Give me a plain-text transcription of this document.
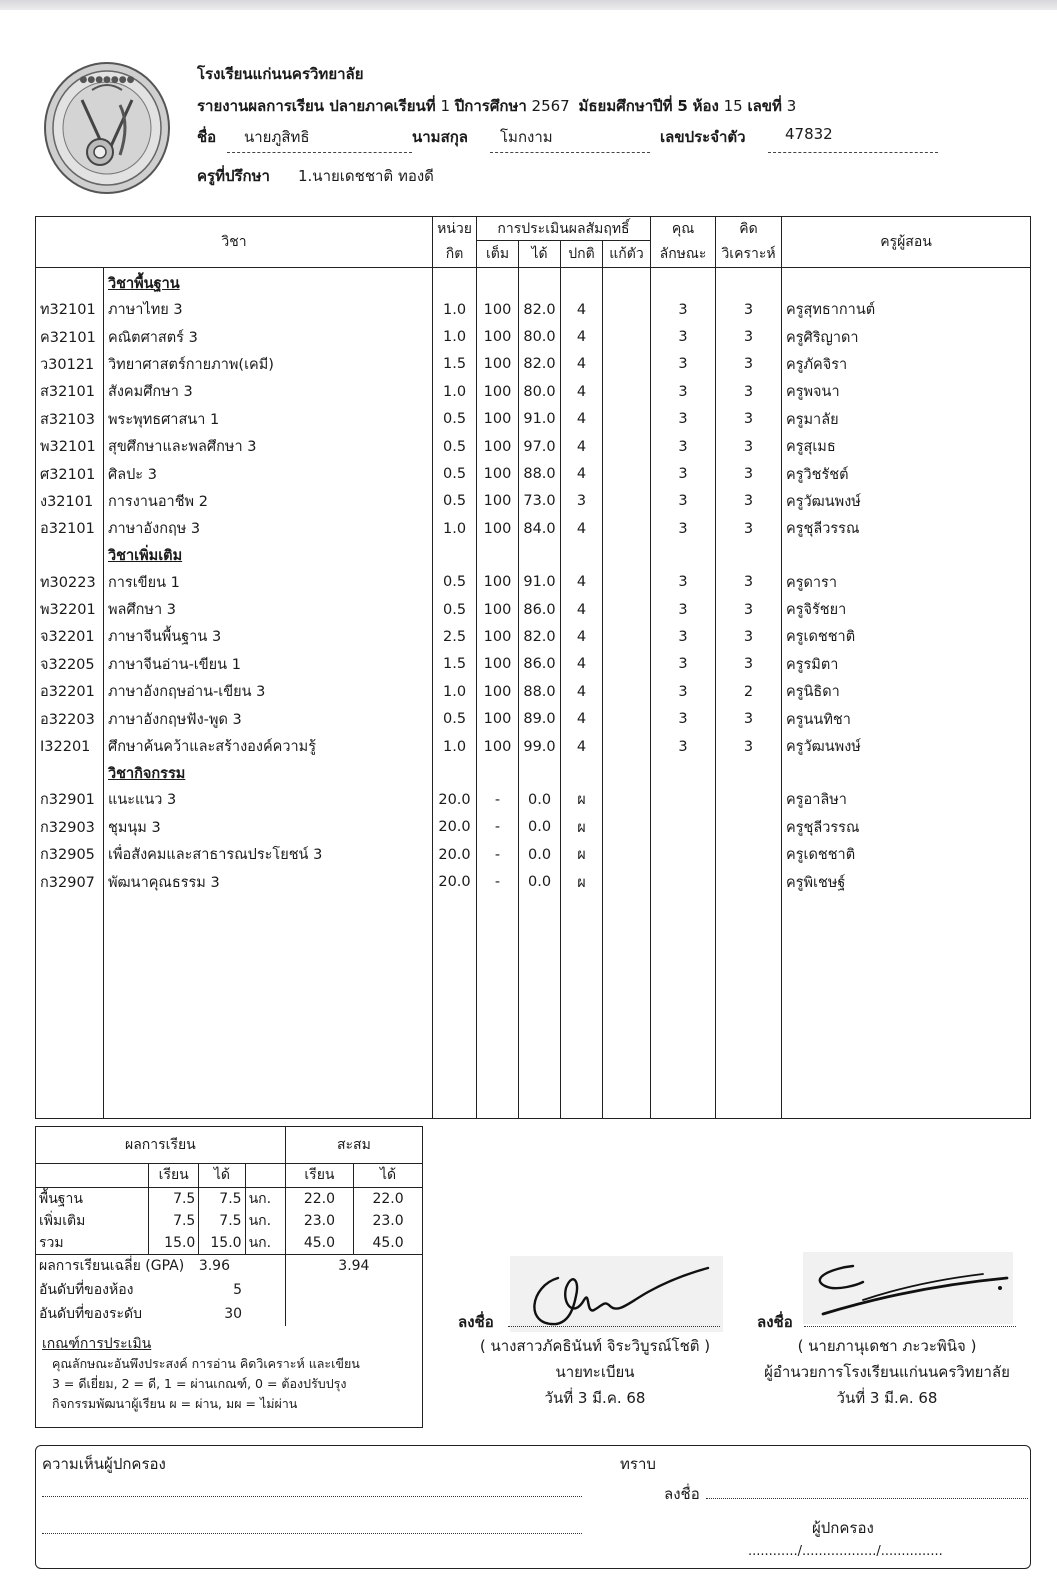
●●●●●●●	โรงเรียนแก่นนครวิทยาลัย
รายงานผลการเรียน ปลายภาคเรียนที่ 1 ปีการศึกษา 2567 มัธยมศึกษาปีที่ 5 ห้อง 15 เลขที่ 3
ชื่อ นายภูสิทธิ	นามสกุล โมกงาม	เลขประจำตัว	47832
ครูที่ปรึกษา 1.นายเดชชาติ ทองดี
วิชา		หน่วย	การประเมินผลสัมฤทธิ์				คุณ	คิด	ครูผู้สอน
		กิต	เต็ม	ได้	ปกติ	แก้ตัว	ลักษณะ	วิเคราะห์	
	วิชาพื้นฐาน								
ท32101	ภาษาไทย 3	1.0	100	82.0	4		3	3	ครูสุทธากานต์
ค32101	คณิตศาสตร์ 3	1.0	100	80.0	4		3	3	ครูศิริญาดา
ว30121	วิทยาศาสตร์กายภาพ(เคมี)	1.5	100	82.0	4		3	3	ครูภัคจิรา
ส32101	สังคมศึกษา 3	1.0	100	80.0	4		3	3	ครูพจนา
ส32103	พระพุทธศาสนา 1	0.5	100	91.0	4		3	3	ครูมาลัย
พ32101	สุขศึกษาและพลศึกษา 3	0.5	100	97.0	4		3	3	ครูสุเมธ
ศ32101	ศิลปะ 3	0.5	100	88.0	4		3	3	ครูวิชรัชต์
ง32101	การงานอาชีพ 2	0.5	100	73.0	3		3	3	ครูวัฒนพงษ์
อ32101	ภาษาอังกฤษ 3	1.0	100	84.0	4		3	3	ครูชุลีวรรณ
	วิชาเพิ่มเติม								
ท30223	การเขียน 1	0.5	100	91.0	4		3	3	ครูดารา
พ32201	พลศึกษา 3	0.5	100	86.0	4		3	3	ครูจิรัชยา
จ32201	ภาษาจีนพื้นฐาน 3	2.5	100	82.0	4		3	3	ครูเดชชาติ
จ32205	ภาษาจีนอ่าน-เขียน 1	1.5	100	86.0	4		3	3	ครูรมิตา
อ32201	ภาษาอังกฤษอ่าน-เขียน 3	1.0	100	88.0	4		3	2	ครูนิธิดา
อ32203	ภาษาอังกฤษฟัง-พูด 3	0.5	100	89.0	4		3	3	ครูนนทิชา
I32201	ศึกษาค้นคว้าและสร้างองค์ความรู้	1.0	100	99.0	4		3	3	ครูวัฒนพงษ์
	วิชากิจกรรม								
ก32901	แนะแนว 3	20.0	-	0.0	ผ				ครูอาลิษา
ก32903	ชุมนุม 3	20.0	-	0.0	ผ				ครูชุลีวรรณ
ก32905	เพื่อสังคมและสาธารณประโยชน์ 3	20.0	-	0.0	ผ				ครูเดชชาติ
ก32907	พัฒนาคุณธรรม 3	20.0	-	0.0	ผ				ครูพิเชษฐ์

ผลการเรียน				สะสม	
	เรียน	ได้		เรียน	ได้
พื้นฐาน	7.5	7.5	นก.	22.0	22.0
เพิ่มเติม	7.5	7.5	นก.	23.0	23.0
รวม	15.0	15.0	นก.	45.0	45.0
ผลการเรียนเฉลี่ย (GPA)		3.96		3.94	
อันดับที่ของห้อง		5			
อันดับที่ของระดับ		30			
เกณฑ์การประเมิน
คุณลักษณะอันพึงประสงค์ การอ่าน คิดวิเคราะห์ และเขียน
3 = ดีเยี่ยม, 2 = ดี, 1 = ผ่านเกณฑ์, 0 = ต้องปรับปรุง
กิจกรรมพัฒนาผู้เรียน ผ = ผ่าน, มผ = ไม่ผ่าน
ลงชื่อ
( นางสาวภัคธินันท์ จิระวิบูรณ์โชติ )
นายทะเบียน
วันที่ 3 มี.ค. 68
ลงชื่อ
( นายภานุเดชา ภะวะพินิจ )
ผู้อำนวยการโรงเรียนแก่นนครวิทยาลัย
วันที่ 3 มี.ค. 68
ความเห็นผู้ปกครอง	ทราบ
ลงชื่อ
ผู้ปกครอง
............/................../...............
